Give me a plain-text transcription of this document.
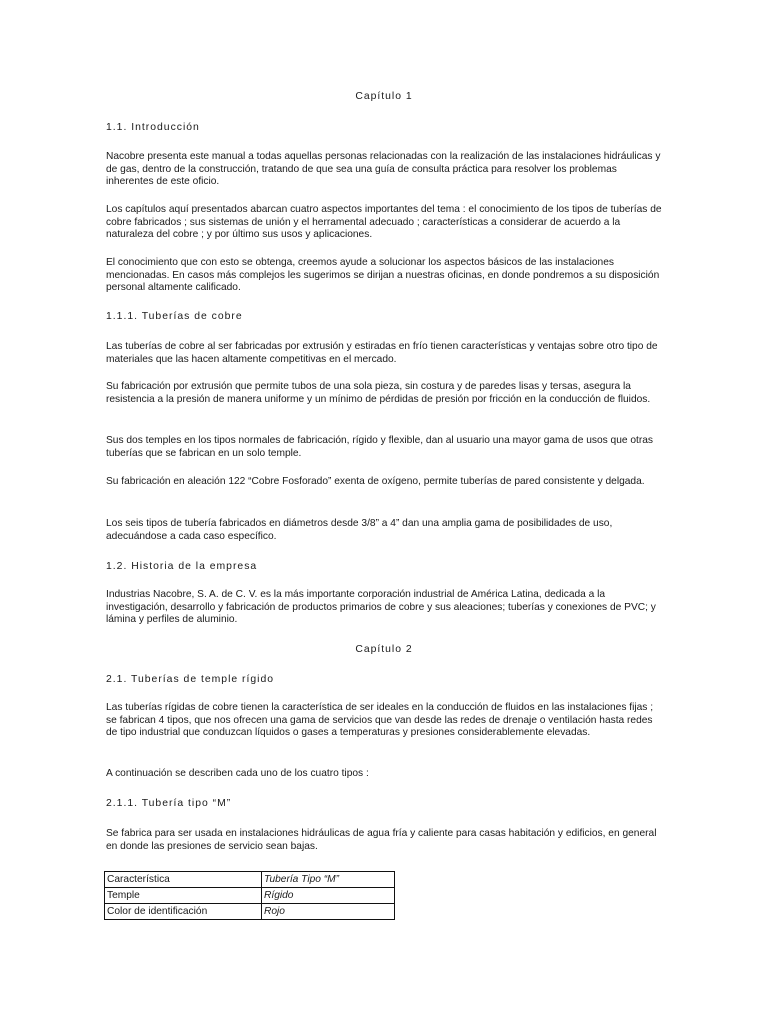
Capítulo 1

1.1. Introducción

Nacobre presenta este manual a todas aquellas personas relacionadas con la realización de las instalaciones hidráulicas y de gas, dentro de la construcción, tratando de que sea una guía de consulta práctica para resolver los problemas inherentes de este oficio.

Los capítulos aquí presentados abarcan cuatro aspectos importantes del tema : el conocimiento de los tipos de tuberías de cobre fabricados ; sus sistemas de unión y el herramental adecuado ; características a considerar de acuerdo a la naturaleza del cobre ; y por último sus usos y aplicaciones.

El conocimiento que con esto se obtenga, creemos ayude a solucionar los aspectos básicos de las instalaciones mencionadas. En casos más complejos les sugerimos se dirijan a nuestras oficinas, en donde pondremos a su disposición personal altamente calificado.

1.1.1. Tuberías de cobre

Las tuberías de cobre al ser fabricadas por extrusión y estiradas en frío tienen características y ventajas sobre otro tipo de materiales que las hacen altamente competitivas en el mercado.

Su fabricación por extrusión que permite tubos de una sola pieza, sin costura y de paredes lisas y tersas, asegura la resistencia a la presión de manera uniforme y un mínimo de pérdidas de presión por fricción en la conducción de fluidos.

Sus dos temples en los tipos normales de fabricación, rígido y flexible, dan al usuario una mayor gama de usos que otras tuberías que se fabrican en un solo temple.

Su fabricación en aleación 122 “Cobre Fosforado” exenta de oxígeno, permite tuberías de pared consistente y delgada.

Los seis tipos de tubería fabricados en diámetros desde 3/8” a 4” dan una amplia gama de posibilidades de uso, adecuándose a cada caso específico.

1.2. Historia de la empresa

Industrias Nacobre, S. A. de C. V. es la más importante corporación industrial de América Latina, dedicada a la investigación, desarrollo y fabricación de productos primarios de cobre y sus aleaciones; tuberías y conexiones de PVC; y lámina y perfiles de aluminio.

Capítulo 2

2.1. Tuberías de temple rígido

Las tuberías rígidas de cobre tienen la característica de ser ideales en la conducción de fluidos en las instalaciones fijas ; se fabrican 4 tipos, que nos ofrecen una gama de servicios que van desde las redes de drenaje o ventilación hasta redes de tipo industrial que conduzcan líquidos o gases a temperaturas y presiones considerablemente elevadas.

A continuación se describen cada uno de los cuatro tipos :

2.1.1. Tubería tipo “M”

Se fabrica para ser usada en instalaciones hidráulicas de agua fría y caliente para casas habitación y edificios, en general en donde las presiones de servicio sean bajas.

Característica	Tubería Tipo “M”
Temple	Rígido
Color de identificación	Rojo
